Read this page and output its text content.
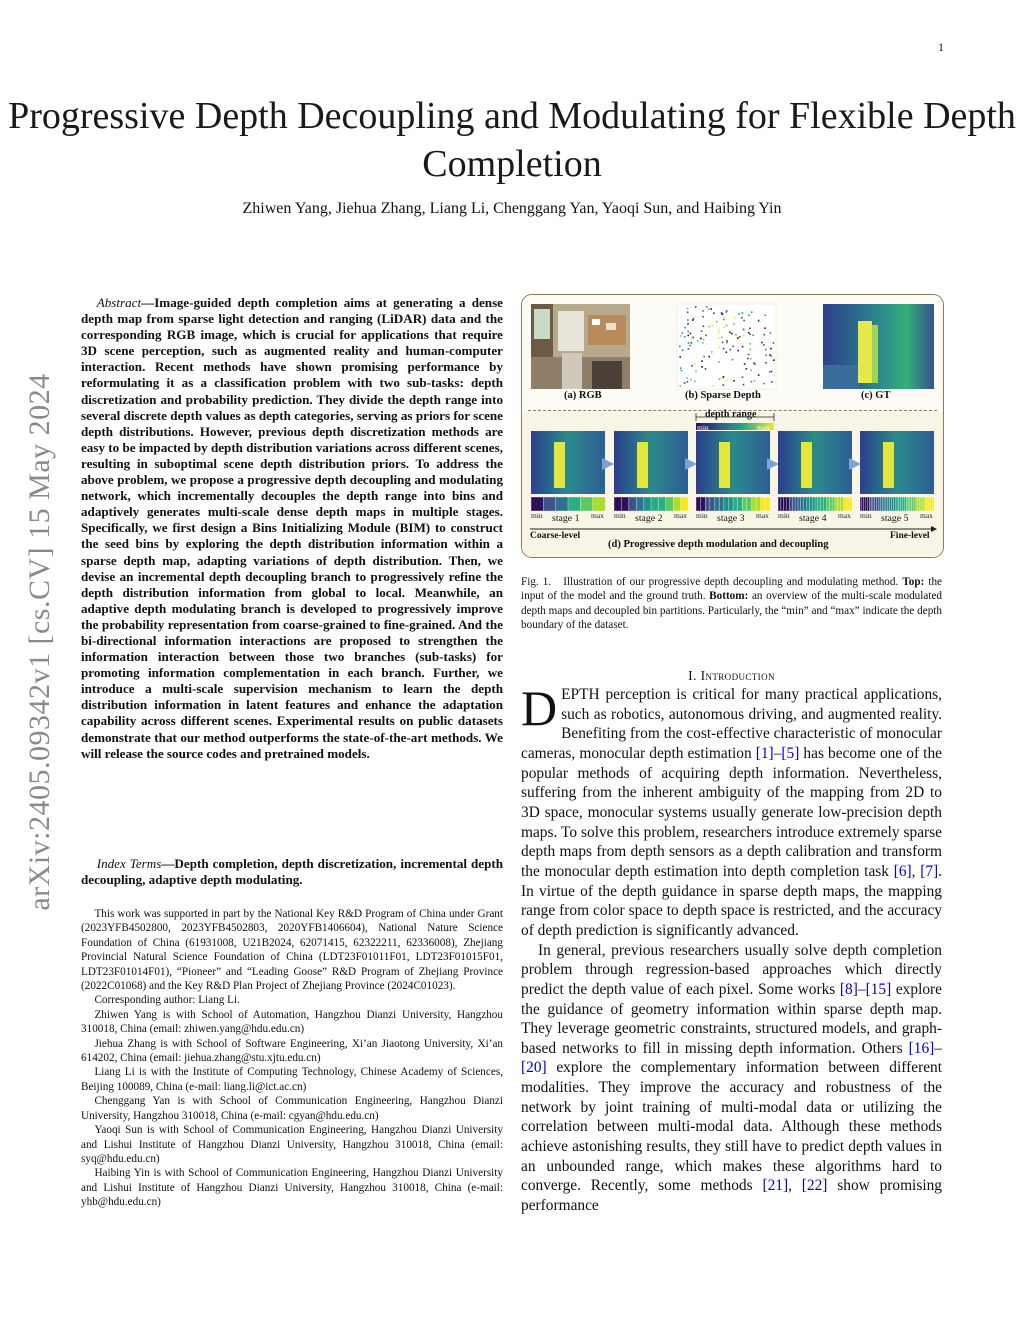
1
Progressive Depth Decoupling and Modulating for Flexible Depth Completion
Zhiwen Yang, Jiehua Zhang, Liang Li, Chenggang Yan, Yaoqi Sun, and Haibing Yin
arXiv:2405.09342v1 [cs.CV] 15 May 2024
Abstract—Image-guided depth completion aims at generating a dense depth map from sparse light detection and ranging (LiDAR) data and the corresponding RGB image, which is crucial for applications that require 3D scene perception, such as augmented reality and human-computer interaction. Recent methods have shown promising performance by reformulating it as a classification problem with two sub-tasks: depth discretization and probability prediction. They divide the depth range into several discrete depth values as depth categories, serving as priors for scene depth distributions. However, previous depth discretization methods are easy to be impacted by depth distribution variations across different scenes, resulting in suboptimal scene depth distribution priors. To address the above problem, we propose a progressive depth decoupling and modulating network, which incrementally decouples the depth range into bins and adaptively generates multi-scale dense depth maps in multiple stages. Specifically, we first design a Bins Initializing Module (BIM) to construct the seed bins by exploring the depth distribution information within a sparse depth map, adapting variations of depth distribution. Then, we devise an incremental depth decoupling branch to progressively refine the depth distribution information from global to local. Meanwhile, an adaptive depth modulating branch is developed to progressively improve the probability representation from coarse-grained to fine-grained. And the bi-directional information interactions are proposed to strengthen the information interaction between those two branches (sub-tasks) for promoting information complementation in each branch. Further, we introduce a multi-scale supervision mechanism to learn the depth distribution information in latent features and enhance the adaptation capability across different scenes. Experimental results on public datasets demonstrate that our method outperforms the state-of-the-art methods. We will release the source codes and pretrained models.
Index Terms—Depth completion, depth discretization, incremental depth decoupling, adaptive depth modulating.

This work was supported in part by the National Key R&D Program of China under Grant (2023YFB4502800, 2023YFB4502803, 2020YFB1406604), National Nature Science Foundation of China (61931008, U21B2024, 62071415, 62322211, 62336008), Zhejiang Provincial Natural Science Foundation of China (LDT23F01011F01, LDT23F01015F01, LDT23F01014F01), “Pioneer” and “Leading Goose” R&D Program of Zhejiang Province (2022C01068) and the Key R&D Plan Project of Zhejiang Province (2024C01023).

Corresponding author: Liang Li.

Zhiwen Yang is with School of Automation, Hangzhou Dianzi University, Hangzhou 310018, China (email: zhiwen.yang@hdu.edu.cn)

Jiehua Zhang is with School of Software Engineering, Xi’an Jiaotong University, Xi’an 614202, China (email: jiehua.zhang@stu.xjtu.edu.cn)

Liang Li is with the Institute of Computing Technology, Chinese Academy of Sciences, Beijing 100089, China (e-mail: liang.li@ict.ac.cn)

Chenggang Yan is with School of Communication Engineering, Hangzhou Dianzi University, Hangzhou 310018, China (e-mail: cgyan@hdu.edu.cn)

Yaoqi Sun is with School of Communication Engineering, Hangzhou Dianzi University and Lishui Institute of Hangzhou Dianzi University, Hangzhou 310018, China (email: syq@hdu.edu.cn)

Haibing Yin is with School of Communication Engineering, Hangzhou Dianzi University and Lishui Institute of Hangzhou Dianzi University, Hangzhou 310018, China (e-mail: yhb@hdu.edu.cn)

(a) RGB	(b) Sparse Depth	(c) GT
depth range
min	max
stage 1
min	max	stage 2
min	max	stage 3
min	max	stage 4
min	max	stage 5
min	max
Coarse-level	Fine-level
(d) Progressive depth modulation and decoupling
Fig. 1. Illustration of our progressive depth decoupling and modulating method. Top: the input of the model and the ground truth. Bottom: an overview of the multi-scale modulated depth maps and decoupled bin partitions. Particularly, the “min” and “max” indicate the depth boundary of the dataset.
I. Introduction

DEPTH perception is critical for many practical applications, such as robotics, autonomous driving, and augmented reality. Benefiting from the cost-effective characteristic of monocular cameras, monocular depth estimation [1]–[5] has become one of the popular methods of acquiring depth information. Nevertheless, suffering from the inherent ambiguity of the mapping from 2D to 3D space, monocular systems usually generate low-precision depth maps. To solve this problem, researchers introduce extremely sparse depth maps from depth sensors as a depth calibration and transform the monocular depth estimation into depth completion task [6], [7]. In virtue of the depth guidance in sparse depth maps, the mapping range from color space to depth space is restricted, and the accuracy of depth prediction is significantly advanced.

In general, previous researchers usually solve depth completion problem through regression-based approaches which directly predict the depth value of each pixel. Some works [8]–[15] explore the guidance of geometry information within sparse depth map. They leverage geometric constraints, structured models, and graph-based networks to fill in missing depth information. Others [16]–[20] explore the complementary information between different modalities. They improve the accuracy and robustness of the network by joint training of multi-modal data or utilizing the correlation between multi-modal data. Although these methods achieve astonishing results, they still have to predict depth values in an unbounded range, which makes these algorithms hard to converge. Recently, some methods [21], [22] show promising performance
